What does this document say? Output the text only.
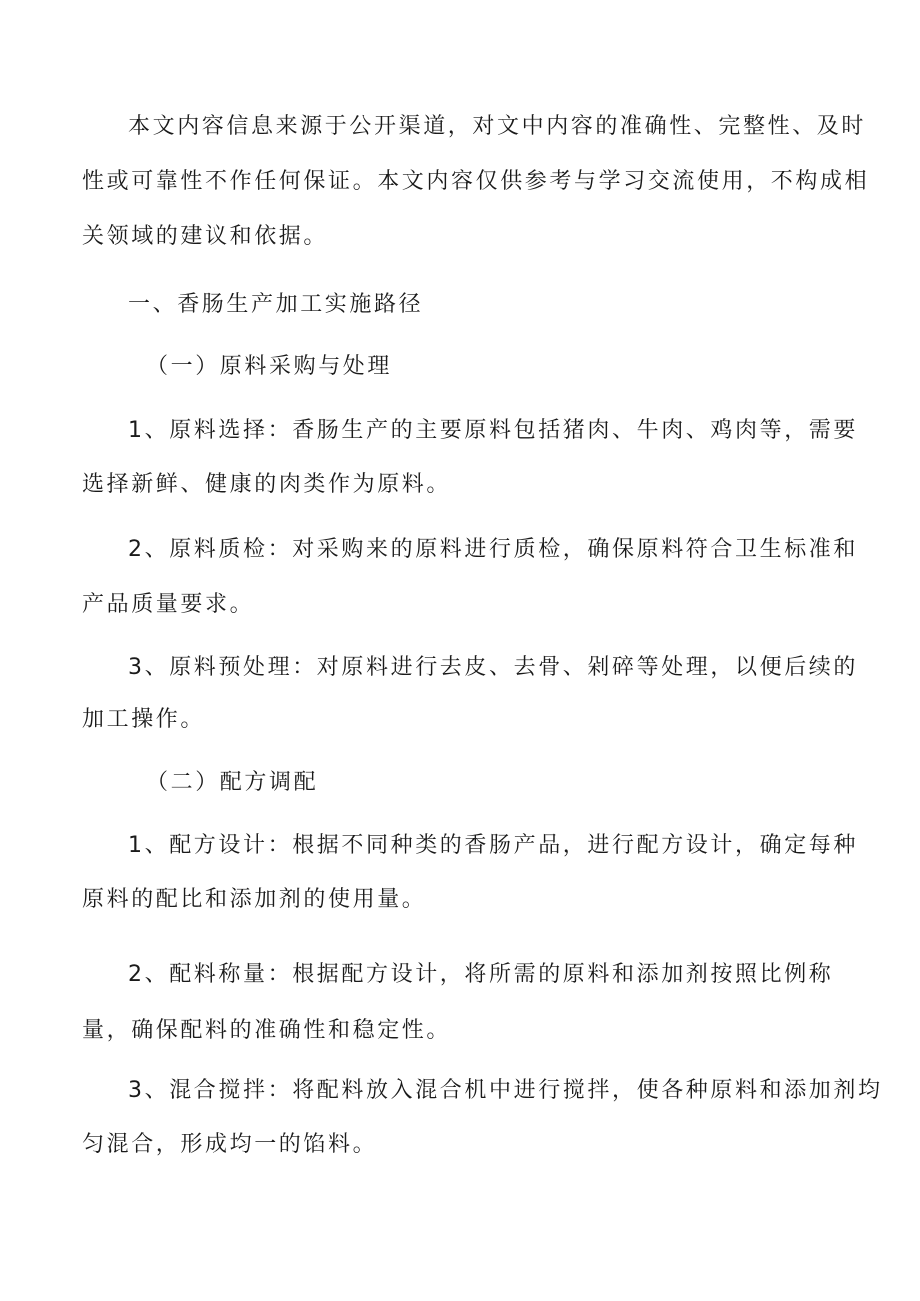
本文内容信息来源于公开渠道，对文中内容的准确性、完整性、及时
性或可靠性不作任何保证。本文内容仅供参考与学习交流使用，不构成相
关领域的建议和依据。
一、香肠生产加工实施路径
（一）原料采购与处理
1、原料选择：香肠生产的主要原料包括猪肉、牛肉、鸡肉等，需要
选择新鲜、健康的肉类作为原料。
2、原料质检：对采购来的原料进行质检，确保原料符合卫生标准和
产品质量要求。
3、原料预处理：对原料进行去皮、去骨、剁碎等处理，以便后续的
加工操作。
（二）配方调配
1、配方设计：根据不同种类的香肠产品，进行配方设计，确定每种
原料的配比和添加剂的使用量。
2、配料称量：根据配方设计，将所需的原料和添加剂按照比例称
量，确保配料的准确性和稳定性。
3、混合搅拌：将配料放入混合机中进行搅拌，使各种原料和添加剂均
匀混合，形成均一的馅料。
